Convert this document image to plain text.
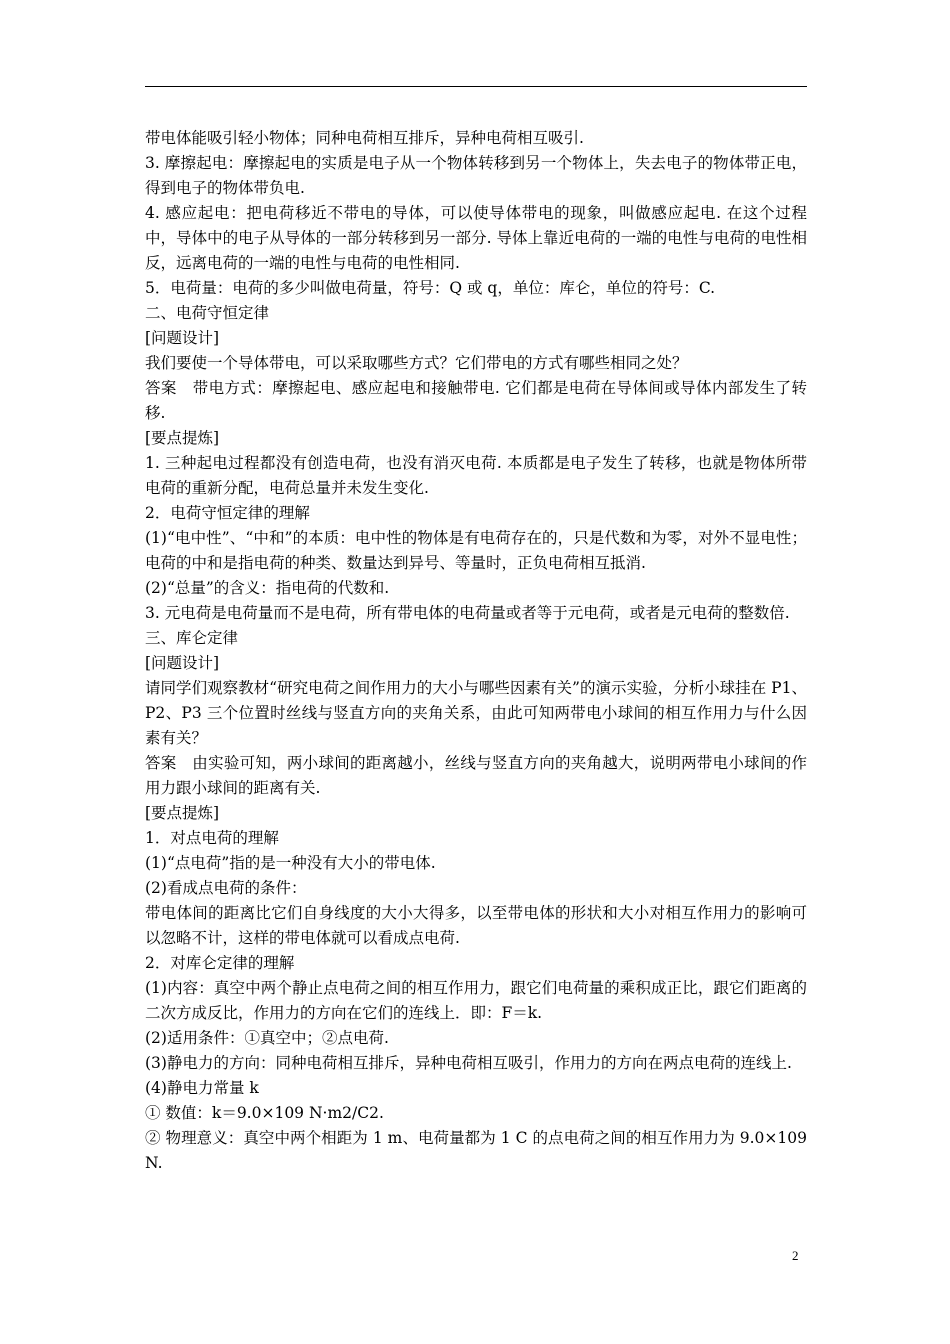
带电体能吸引轻小物体；同种电荷相互排斥，异种电荷相互吸引.

3. 摩擦起电：摩擦起电的实质是电子从一个物体转移到另一个物体上，失去电子的物体带正电，得到电子的物体带负电.

4. 感应起电：把电荷移近不带电的导体，可以使导体带电的现象，叫做感应起电. 在这个过程中，导体中的电子从导体的一部分转移到另一部分. 导体上靠近电荷的一端的电性与电荷的电性相反，远离电荷的一端的电性与电荷的电性相同.

5．电荷量：电荷的多少叫做电荷量，符号：Q 或 q，单位：库仑，单位的符号：C.

二、电荷守恒定律

[问题设计]

我们要使一个导体带电，可以采取哪些方式？它们带电的方式有哪些相同之处？

答案　带电方式：摩擦起电、感应起电和接触带电. 它们都是电荷在导体间或导体内部发生了转移.

[要点提炼]

1. 三种起电过程都没有创造电荷，也没有消灭电荷. 本质都是电子发生了转移，也就是物体所带电荷的重新分配，电荷总量并未发生变化.

2．电荷守恒定律的理解

(1)“电中性”、“中和”的本质：电中性的物体是有电荷存在的，只是代数和为零，对外不显电性；电荷的中和是指电荷的种类、数量达到异号、等量时，正负电荷相互抵消.

(2)“总量”的含义：指电荷的代数和.

3. 元电荷是电荷量而不是电荷，所有带电体的电荷量或者等于元电荷，或者是元电荷的整数倍.

三、库仑定律

[问题设计]

请同学们观察教材“研究电荷之间作用力的大小与哪些因素有关”的演示实验，分析小球挂在 P1、P2、P3 三个位置时丝线与竖直方向的夹角关系，由此可知两带电小球间的相互作用力与什么因素有关？

答案　由实验可知，两小球间的距离越小，丝线与竖直方向的夹角越大，说明两带电小球间的作用力跟小球间的距离有关.

[要点提炼]

1．对点电荷的理解

(1)“点电荷”指的是一种没有大小的带电体.

(2)看成点电荷的条件：

带电体间的距离比它们自身线度的大小大得多，以至带电体的形状和大小对相互作用力的影响可以忽略不计，这样的带电体就可以看成点电荷.

2．对库仑定律的理解

(1)内容：真空中两个静止点电荷之间的相互作用力，跟它们电荷量的乘积成正比，跟它们距离的二次方成反比，作用力的方向在它们的连线上．即：F＝k.

(2)适用条件：①真空中；②点电荷.

(3)静电力的方向：同种电荷相互排斥，异种电荷相互吸引，作用力的方向在两点电荷的连线上.

(4)静电力常量 k

① 数值：k＝9.0×109 N·m2/C2.

② 物理意义：真空中两个相距为 1 m、电荷量都为 1 C 的点电荷之间的相互作用力为 9.0×109 N.

2
